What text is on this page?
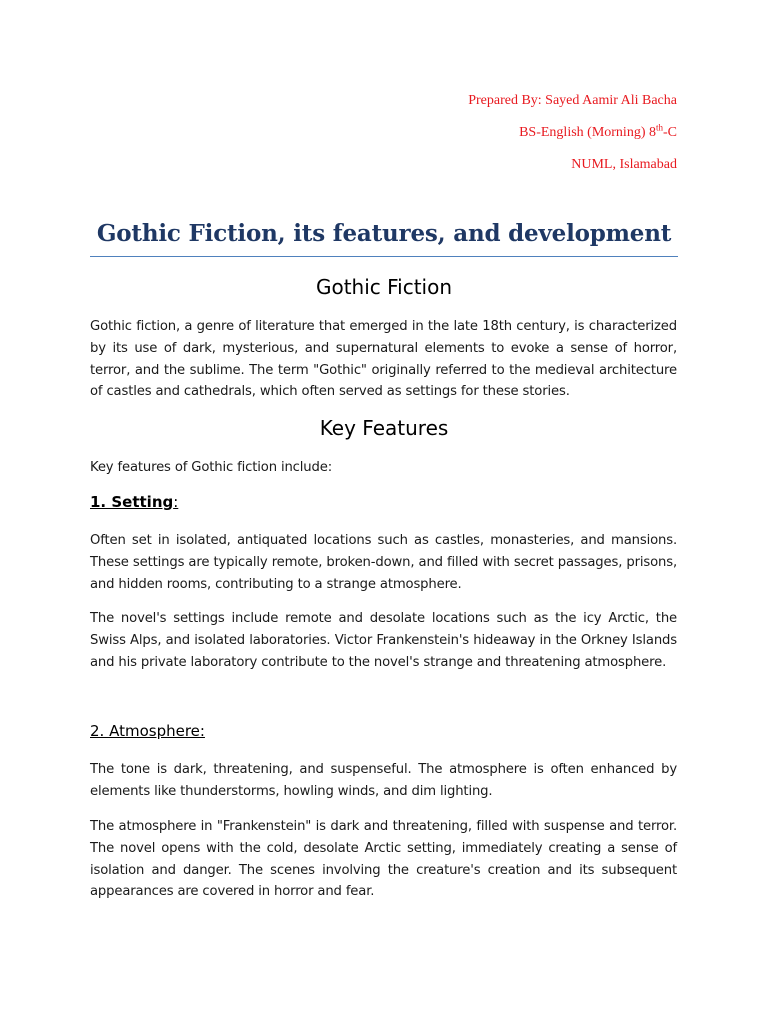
Prepared By: Sayed Aamir Ali Bacha
BS-English (Morning) 8th-C
NUML, Islamabad
Gothic Fiction, its features, and development
Gothic Fiction
Gothic fiction, a genre of literature that emerged in the late 18th century, is characterized by its use of dark, mysterious, and supernatural elements to evoke a sense of horror, terror, and the sublime. The term "Gothic" originally referred to the medieval architecture of castles and cathedrals, which often served as settings for these stories.
Key Features
Key features of Gothic fiction include:
1. Setting:
Often set in isolated, antiquated locations such as castles, monasteries, and mansions. These settings are typically remote, broken-down, and filled with secret passages, prisons, and hidden rooms, contributing to a strange atmosphere.
The novel's settings include remote and desolate locations such as the icy Arctic, the Swiss Alps, and isolated laboratories. Victor Frankenstein's hideaway in the Orkney Islands and his private laboratory contribute to the novel's strange and threatening atmosphere.
2. Atmosphere:
The tone is dark, threatening, and suspenseful. The atmosphere is often enhanced by elements like thunderstorms, howling winds, and dim lighting.
The atmosphere in "Frankenstein" is dark and threatening, filled with suspense and terror. The novel opens with the cold, desolate Arctic setting, immediately creating a sense of isolation and danger. The scenes involving the creature's creation and its subsequent appearances are covered in horror and fear.
